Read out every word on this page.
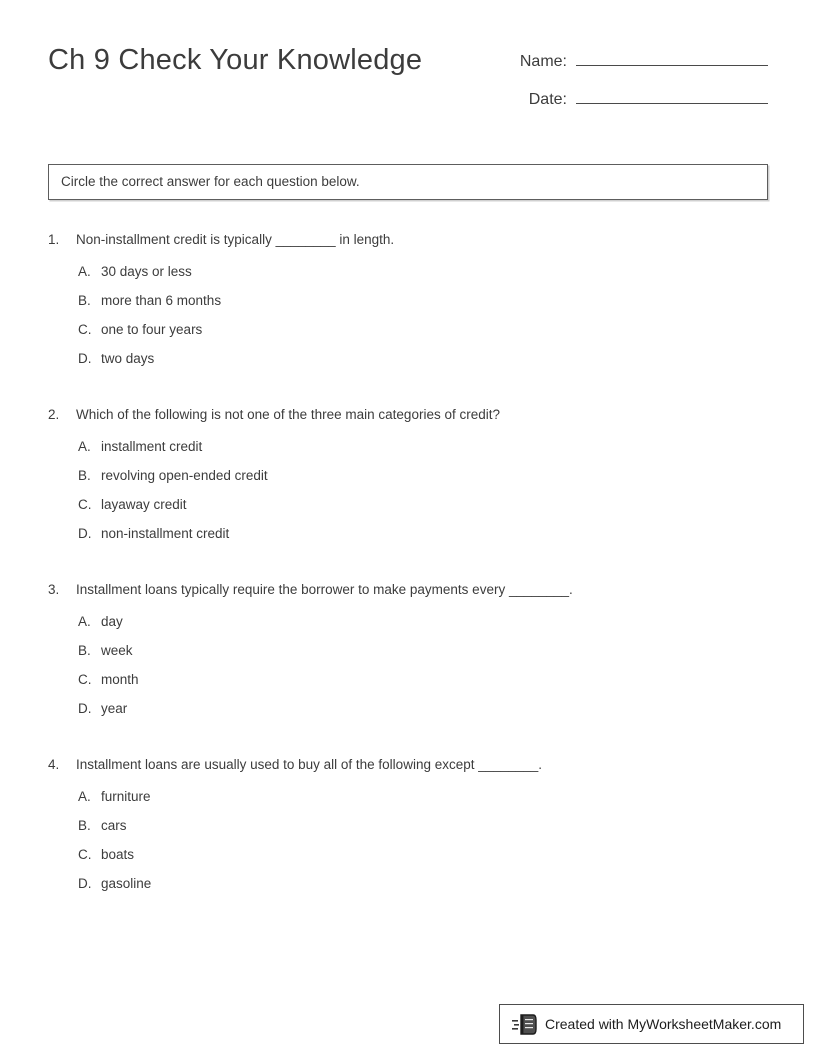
Ch 9 Check Your Knowledge	Name:
Date:
Circle the correct answer for each question below.
1.	Non-installment credit is typically ________ in length.
A. 30 days or less
B. more than 6 months
C. one to four years
D. two days
2.	Which of the following is not one of the three main categories of credit?
A. installment credit
B. revolving open-ended credit
C. layaway credit
D. non-installment credit
3.	Installment loans typically require the borrower to make payments every ________.
A. day
B. week
C. month
D. year
4.	Installment loans are usually used to buy all of the following except ________.
A. furniture
B. cars
C. boats
D. gasoline
Created with MyWorksheetMaker.com
